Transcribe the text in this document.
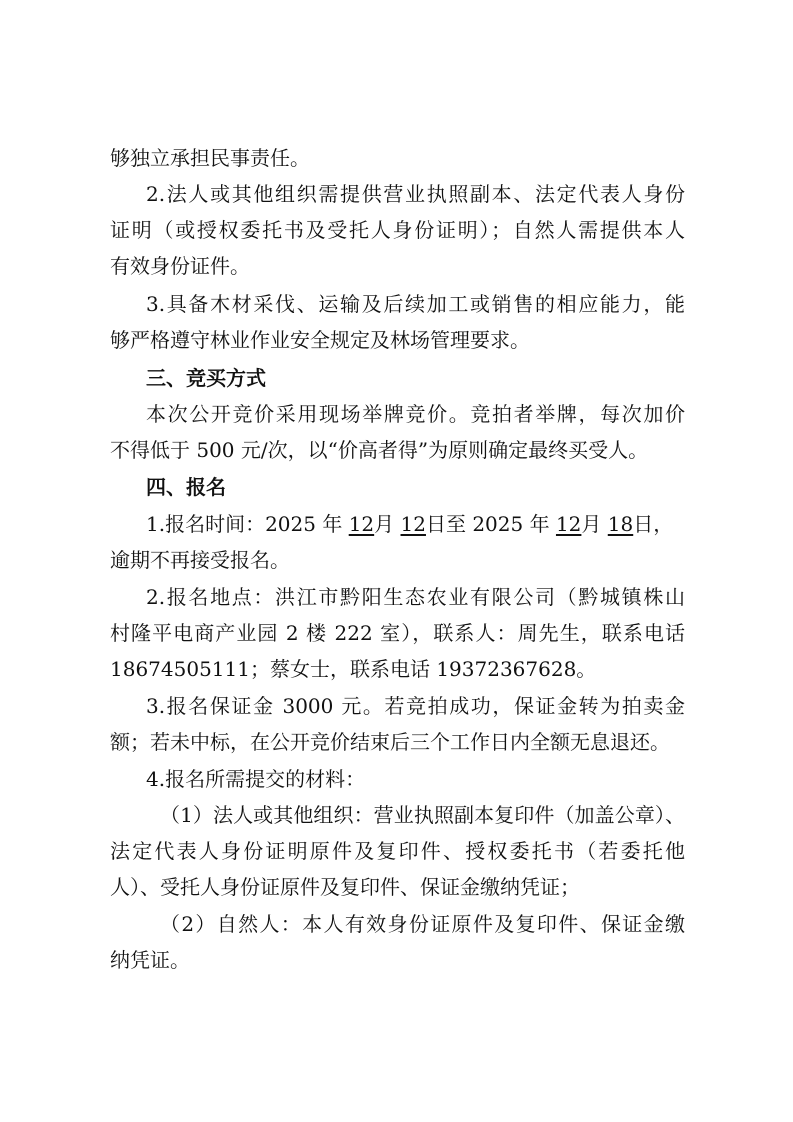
够独立承担民事责任。
2.法人或其他组织需提供营业执照副本、法定代表人身份
证明（或授权委托书及受托人身份证明）；自然人需提供本人
有效身份证件。
3.具备木材采伐、运输及后续加工或销售的相应能力，能
够严格遵守林业作业安全规定及林场管理要求。
三、竞买方式
本次公开竞价采用现场举牌竞价。竞拍者举牌，每次加价
不得低于 500 元/次，以“价高者得”为原则确定最终买受人。
四、报名
1.报名时间：2025 年 12月 12日至 2025 年 12月 18日，
逾期不再接受报名。
2.报名地点：洪江市黔阳生态农业有限公司（黔城镇株山
村隆平电商产业园 2 楼 222 室），联系人：周先生，联系电话
18674505111；蔡女士，联系电话 19372367628。
3.报名保证金 3000 元。若竞拍成功，保证金转为拍卖金
额；若未中标，在公开竞价结束后三个工作日内全额无息退还。
4.报名所需提交的材料：
（1）法人或其他组织：营业执照副本复印件（加盖公章）、
法定代表人身份证明原件及复印件、授权委托书（若委托他
人）、受托人身份证原件及复印件、保证金缴纳凭证；
（2）自然人：本人有效身份证原件及复印件、保证金缴
纳凭证。
